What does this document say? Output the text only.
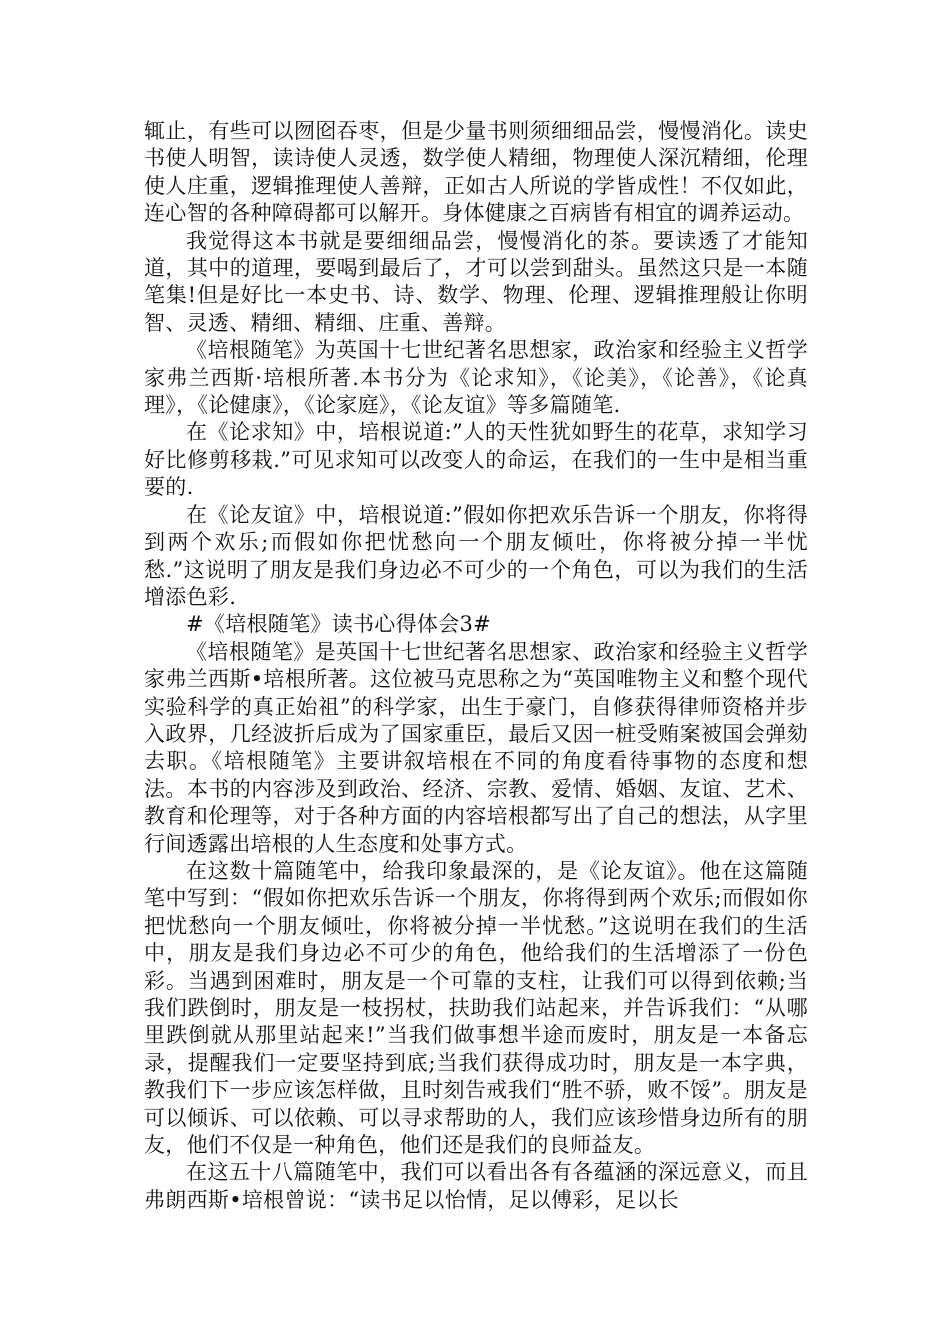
辄止，有些可以囫囵吞枣，但是少量书则须细细品尝，慢慢消化。读史书使人明智，读诗使人灵透，数学使人精细，物理使人深沉精细，伦理使人庄重，逻辑推理使人善辩，正如古人所说的学皆成性！不仅如此，连心智的各种障碍都可以解开。身体健康之百病皆有相宜的调养运动。

我觉得这本书就是要细细品尝，慢慢消化的茶。要读透了才能知道，其中的道理，要喝到最后了，才可以尝到甜头。虽然这只是一本随笔集!但是好比一本史书、诗、数学、物理、伦理、逻辑推理般让你明智、灵透、精细、精细、庄重、善辩。

《培根随笔》为英国十七世纪著名思想家，政治家和经验主义哲学家弗兰西斯·培根所著.本书分为《论求知》，《论美》，《论善》，《论真理》，《论健康》，《论家庭》，《论友谊》等多篇随笔.

在《论求知》中，培根说道:”人的天性犹如野生的花草，求知学习好比修剪移栽.”可见求知可以改变人的命运，在我们的一生中是相当重要的.

在《论友谊》中，培根说道:”假如你把欢乐告诉一个朋友，你将得到两个欢乐;而假如你把忧愁向一个朋友倾吐，你将被分掉一半忧愁.”这说明了朋友是我们身边必不可少的一个角色，可以为我们的生活增添色彩.

#《培根随笔》读书心得体会3#

《培根随笔》是英国十七世纪著名思想家、政治家和经验主义哲学家弗兰西斯•培根所著。这位被马克思称之为“英国唯物主义和整个现代实验科学的真正始祖”的科学家，出生于豪门，自修获得律师资格并步入政界，几经波折后成为了国家重臣，最后又因一桩受贿案被国会弹劾去职。《培根随笔》主要讲叙培根在不同的角度看待事物的态度和想法。本书的内容涉及到政治、经济、宗教、爱情、婚姻、友谊、艺术、教育和伦理等，对于各种方面的内容培根都写出了自己的想法，从字里行间透露出培根的人生态度和处事方式。

在这数十篇随笔中，给我印象最深的，是《论友谊》。他在这篇随笔中写到：“假如你把欢乐告诉一个朋友，你将得到两个欢乐;而假如你把忧愁向一个朋友倾吐，你将被分掉一半忧愁。”这说明在我们的生活中，朋友是我们身边必不可少的角色，他给我们的生活增添了一份色彩。当遇到困难时，朋友是一个可靠的支柱，让我们可以得到依赖;当我们跌倒时，朋友是一枝拐杖，扶助我们站起来，并告诉我们：“从哪里跌倒就从那里站起来!”当我们做事想半途而废时，朋友是一本备忘录，提醒我们一定要坚持到底;当我们获得成功时，朋友是一本字典，教我们下一步应该怎样做，且时刻告戒我们“胜不骄，败不馁”。朋友是可以倾诉、可以依赖、可以寻求帮助的人，我们应该珍惜身边所有的朋友，他们不仅是一种角色，他们还是我们的良师益友。

在这五十八篇随笔中，我们可以看出各有各蕴涵的深远意义，而且弗朗西斯•培根曾说：“读书足以怡情，足以傅彩，足以长
